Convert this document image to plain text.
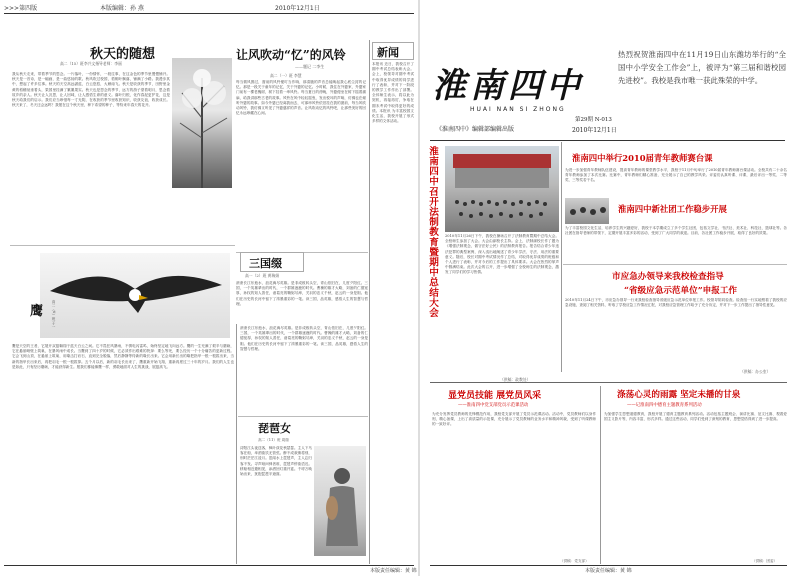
>>>第四版	本版编辑：孙 燕	2010年12月1日
秋天的随想
高二（15）班李兴文指导老师：李丽
我从秋天走来，带着季节的思念。一片落叶，一份情怀，一段往事，在这金色的季节里慢慢铺开。秋天是一首诗，是一幅画，是一曲悠扬的歌。秋风吹过校园，梧桐叶飘落，铺满了小路。我漫步其中，想起了许多往事。秋天的天空高远湛蓝，白云悠悠，大雁南飞。秋天是收获的季节，田野里金黄的稻穗低垂着头，果园里挂满了累累果实。秋天也是思念的季节，远方的游子望着明月，思念着故乡的亲人。秋天让人沉思，让人回味，让人感悟生命的意义。落叶归根，化作春泥更护花，这是秋天给我们的启示。我们应当珍惜每一寸光阴，在收获的季节里收获知识，收获友谊，收获成长。秋天来了，冬天还会远吗？我愿在这个秋天里，种下希望的种子，等待来年春天的花开。
让风吹动“忆”的风铃
——题记 二李生
高二（一）班 李慧
每当微风拂过，窗前的风铃便叮当作响，那清脆的声音总能唤起我心底尘封的记忆。那是一段关于童年的记忆，关于外婆的记忆。小时候，我住在外婆家，外婆家门前有一棵老槐树，树下挂着一串风铃。每当夏日的傍晚，外婆便坐在树下摇着蒲扇，给我讲那些古老的故事。风铃在风中轻轻摇曳，发出悦耳的声响，仿佛也在倾听外婆的故事。如今外婆已经离我而去，可那串风铃依旧挂在我的窗前，每当风吹动风铃，我仿佛又听见了外婆慈祥的声音。让风吹动忆的风铃吧，让那些美好的回忆永远珍藏在心间。
三国缀
高一（2）班 黄瑞娟
滚滚长江东逝水，浪花淘尽英雄。是非成败转头空，青山依旧在，几度夕阳红。三国，一个英雄辈出的时代，一个群雄逐鹿的时代。曹操的雄才大略，刘备的仁德宽厚，孙权的知人善任，诸葛亮的鞠躬尽瘁，关羽的忠义千秋，赵云的一身是胆。他们在历史的长河中留下了浓墨重彩的一笔。读三国，品英雄，感悟人生的智慧与哲理。
鹰	高二（6）班 于一
鹰是天空的王者，它展开双翅翱翔于蓝天白云之间。它不畏狂风暴雨，不惧电闪雷鸣，始终坚定地飞向远方。鹰的一生充满了艰辛与磨砺，它在悬崖峭壁上筑巢，在暴风雨中成长。当鹰到了四十岁的时候，它必须作出艰难的抉择：要么等死，要么经历一个十分痛苦的更新过程。它会飞到山顶，在悬崖上筑巢，用喙击打岩石，直到完全脱落，然后静静等待新的喙长出来。它会用新长出的喙把指甲一根一根拔出来，当新的指甲长出来后，再把羽毛一根一根拔掉。五个月以后，新的羽毛长出来了，鹰重新开始飞翔，重新再度过三十年的岁月。我们的人生也是如此，只有经历磨砺，才能获得新生。愿我们都能像鹰一样，勇敢地面对人生的挑战，展翅高飞。
滚滚长江东逝水，浪花淘尽英雄。是非成败转头空，青山依旧在，几度夕阳红。三国，一个英雄辈出的时代，一个群雄逐鹿的时代。曹操的雄才大略，刘备的仁德宽厚，孙权的知人善任，诸葛亮的鞠躬尽瘁，关羽的忠义千秋，赵云的一身是胆。他们在历史的长河中留下了浓墨重彩的一笔。读三国，品英雄，感悟人生的智慧与哲理。
琵琶女
高二（11）班 周瑞
浔阳江头夜送客，枫叶荻花秋瑟瑟。主人下马客在船，举酒欲饮无管弦。醉不成欢惨将别，别时茫茫江浸月。忽闻水上琵琶声，主人忘归客不发。寻声暗问弹者谁，琵琶声停欲语迟。移船相近邀相见，添酒回灯重开宴。千呼万唤始出来，犹抱琵琶半遮面。
新闻
本报讯 近日，我校召开了期中考试总结表彰大会。会上，校领导对期中考试中取得优异成绩的同学进行了表彰，并对下一阶段的教学工作作出了部署。全体师生表示，将以此为契机，再接再厉，争取在期末考试中取得更好的成绩。本报讯 为丰富校园文化生活，我校开展了形式多样的文体活动。
本版责任编辑：黄 锦
淮南四中
HUAI NAN SI ZHONG
第29期 N-013
《淮南四中》编辑部编辑出版	2010年12月1日
热烈祝贺淮南四中在11月19日山东潍坊举行的“全国中小学安全工作会”上，被评为“第三届和谐校园先进校”。我校是我市唯一获此殊荣的中学。
淮南四中召开法制教育暨期中总结大会 2010年11月26日下午，我校在操场召开了法制教育暨期中总结大会。全校师生参加了大会。大会由副校长主持。会上，法制副校长作了题为《增强法制观念，做守法好公民》的法制教育报告。报告结合青少年违法犯罪的典型案例，深入浅出地阐述了青少年学法、守法、用法的重要意义。随后，校长对期中考试情况作了总结，对取得优异成绩的班级和个人进行了表彰，并对今后的工作提出了具体要求。大会在热烈的掌声中圆满结束。此次大会的召开，进一步增强了全校师生的法制观念，激发了同学们的学习热情。
（供稿：政教处）
淮南四中举行2010届青年教师赛台课
为进一步加强青年教师队伍建设，提高青年教师的课堂教学水平，我校于11月中旬举行了2010届青年教师赛台课活动。全校共有二十余名青年教师参加了本次比赛。比赛中，青年教师们精心准备，充分展示了自己的教学风采。评委们认真听课、评课，最后评出一等奖、二等奖、三等奖若干名。
淮南四中新社团工作稳步开展
为了丰富校园文化生活，培养学生的兴趣爱好，我校于本学期成立了多个学生社团，包括文学社、书法社、美术社、科技社、篮球社等。各社团在指导老师的带领下，定期开展丰富多彩的活动，受到了广大同学的欢迎。目前，各社团工作稳步开展，取得了良好的效果。
市应急办领导来我校检查指导
“省级应急示范单位”申报工作
2010年11月24日下午，市应急办领导一行来我校检查指导省级应急示范单位申报工作。校领导陪同检查。检查组一行实地察看了我校的应急设施，查阅了相关资料，听取了学校应急工作情况汇报，对我校应急管理工作给予了充分肯定，并对下一步工作提出了指导性意见。
（供稿：办公室）
显党员技能 展党员风采
——淮南四中党支部党员示范课活动
为充分发挥党员教师的先锋模范作用，我校党支部开展了党员示范课活动。活动中，党员教师们以身作则，精心备课，上出了高质量的示范课，充分展示了党员教师的业务水平和精神风貌，受到了听课教师的一致好评。
（供稿：党支部）
涤荡心灵的雨露 坚定未播的甘泉
——记淮南四中德育主题教育系列活动
为加强学生思想道德教育，我校开展了德育主题教育系列活动。活动包括主题班会、演讲比赛、征文比赛、观看爱国主义影片等，内容丰富，形式多样。通过这些活动，同学们受到了深刻的教育，思想觉悟得到了进一步提高。
（供稿：团委）
本版责任编辑：黄 锦
